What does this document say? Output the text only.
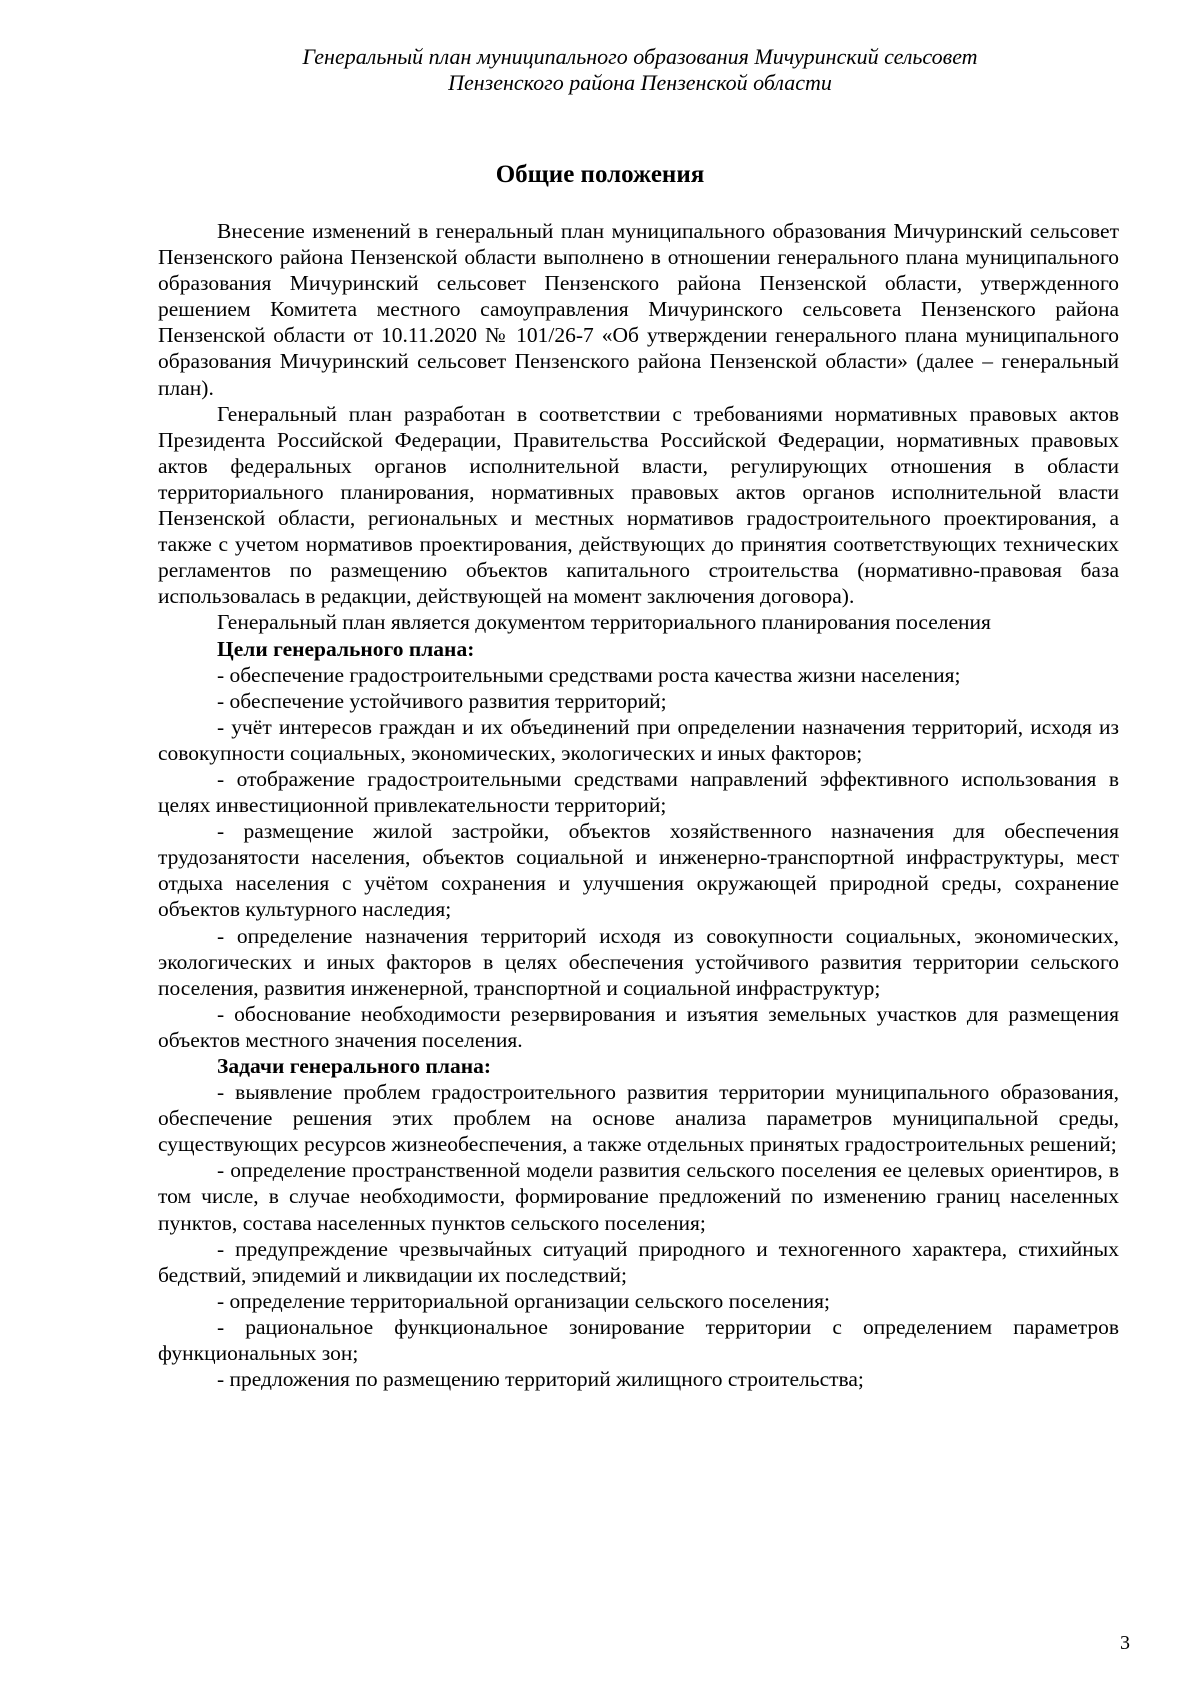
Генеральный план муниципального образования Мичуринский сельсовет
Пензенского района Пензенской области
Общие положения

Внесение изменений в генеральный план муниципального образования Мичуринский сельсовет Пензенского района Пензенской области выполнено в отношении генерального плана муниципального образования Мичуринский сельсовет Пензенского района Пензенской области, утвержденного решением Комитета местного самоуправления Мичуринского сельсовета Пензенского района Пензенской области от 10.11.2020 № 101/26-7 «Об утверждении генерального плана муниципального образования Мичуринский сельсовет Пензенского района Пензенской области» (далее – генеральный план).

Генеральный план разработан в соответствии с требованиями нормативных правовых актов Президента Российской Федерации, Правительства Российской Федерации, нормативных правовых актов федеральных органов исполнительной власти, регулирующих отношения в области территориального планирования, нормативных правовых актов органов исполнительной власти Пензенской области, региональных и местных нормативов градостроительного проектирования, а также с учетом нормативов проектирования, действующих до принятия соответствующих технических регламентов по размещению объектов капитального строительства (нормативно-правовая база использовалась в редакции, действующей на момент заключения договора).

Генеральный план является документом территориального планирования поселения

Цели генерального плана:

- обеспечение градостроительными средствами роста качества жизни населения;

- обеспечение устойчивого развития территорий;

- учёт интересов граждан и их объединений при определении назначения территорий, исходя из совокупности социальных, экономических, экологических и иных факторов;

- отображение градостроительными средствами направлений эффективного использования в целях инвестиционной привлекательности территорий;

- размещение жилой застройки, объектов хозяйственного назначения для обеспечения трудозанятости населения, объектов социальной и инженерно-транспортной инфраструктуры, мест отдыха населения с учётом сохранения и улучшения окружающей природной среды, сохранение объектов культурного наследия;

- определение назначения территорий исходя из совокупности социальных, экономических, экологических и иных факторов в целях обеспечения устойчивого развития территории сельского поселения, развития инженерной, транспортной и социальной инфраструктур;

- обоснование необходимости резервирования и изъятия земельных участков для размещения объектов местного значения поселения.

Задачи генерального плана:

- выявление проблем градостроительного развития территории муниципального образования, обеспечение решения этих проблем на основе анализа параметров муниципальной среды, существующих ресурсов жизнеобеспечения, а также отдельных принятых градостроительных решений;

- определение пространственной модели развития сельского поселения ее целевых ориентиров, в том числе, в случае необходимости, формирование предложений по изменению границ населенных пунктов, состава населенных пунктов сельского поселения;

- предупреждение чрезвычайных ситуаций природного и техногенного характера, стихийных бедствий, эпидемий и ликвидации их последствий;

- определение территориальной организации сельского поселения;

- рациональное функциональное зонирование территории с определением параметров функциональных зон;

- предложения по размещению территорий жилищного строительства;

3
